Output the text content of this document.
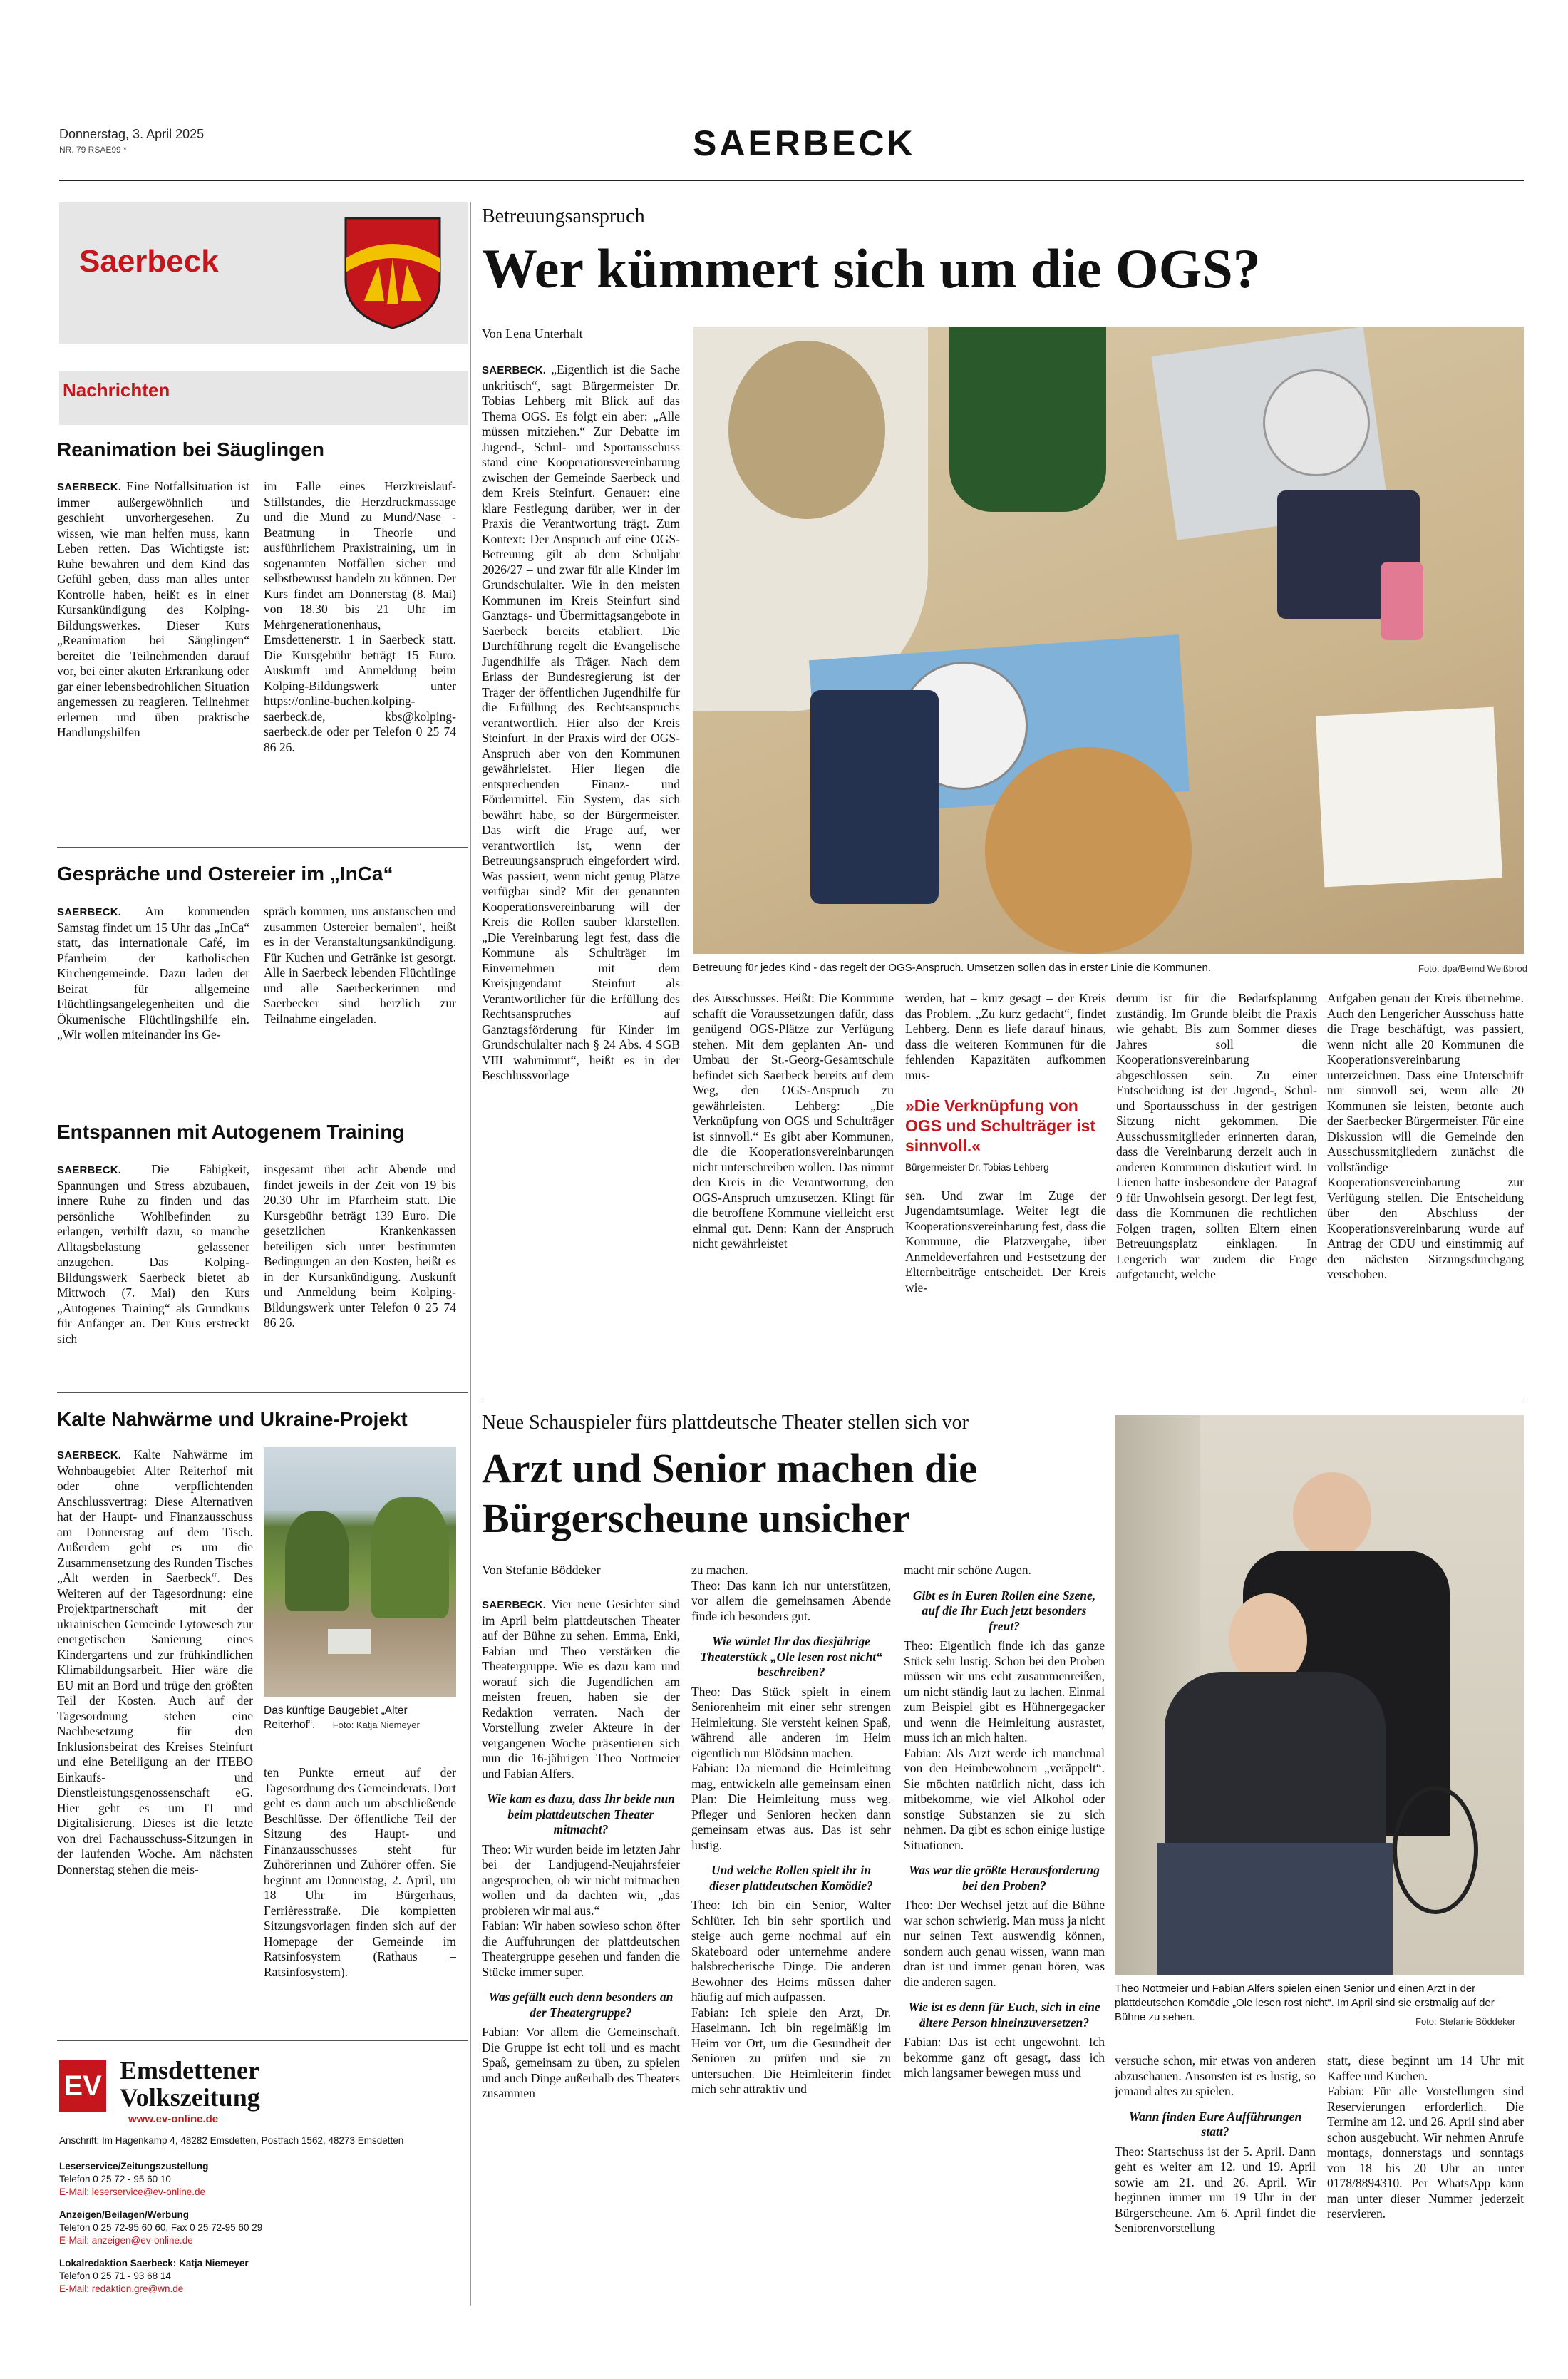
Donnerstag, 3. April 2025
NR. 79 RSAE99 *	SAERBECK
Saerbeck
Nachrichten
Reanimation bei Säuglingen

SAERBECK. Eine Notfallsituation ist immer außergewöhnlich und geschieht unvorhergesehen. Zu wissen, wie man helfen muss, kann Leben retten. Das Wichtigste ist: Ruhe bewahren und dem Kind das Gefühl geben, dass man alles unter Kontrolle haben, heißt es in einer Kursankündigung des Kolping-Bildungswerkes. Dieser Kurs „Reanimation bei Säuglingen“ bereitet die Teilnehmenden darauf vor, bei einer akuten Erkrankung oder gar einer lebensbedrohlichen Situation angemessen zu reagieren. Teilnehmer erlernen und üben praktische Handlungshilfen

im Falle eines Herzkreislauf-Stillstandes, die Herzdruckmassage und die Mund zu Mund/Nase - Beatmung in Theorie und ausführlichem Praxistraining, um in sogenannten Notfällen sicher und selbstbewusst handeln zu können. Der Kurs findet am Donnerstag (8. Mai) von 18.30 bis 21 Uhr im Mehrgenerationenhaus, Emsdettenerstr. 1 in Saerbeck statt. Die Kursgebühr beträgt 15 Euro. Auskunft und Anmeldung beim Kolping-Bildungswerk unter https://online-buchen.kolping-saerbeck.de, kbs@kolping-saerbeck.de oder per Telefon 0 25 74 86 26.

Gespräche und Ostereier im „InCa“

SAERBECK. Am kommenden Samstag findet um 15 Uhr das „InCa“ statt, das internationale Café, im Pfarrheim der katholischen Kirchengemeinde. Dazu laden der Beirat für allgemeine Flüchtlingsangelegenheiten und die Ökumenische Flüchtlingshilfe ein. „Wir wollen miteinander ins Ge-

spräch kommen, uns austauschen und zusammen Ostereier bemalen“, heißt es in der Veranstaltungsankündigung. Für Kuchen und Getränke ist gesorgt. Alle in Saerbeck lebenden Flüchtlinge und alle Saerbeckerinnen und Saerbecker sind herzlich zur Teilnahme eingeladen.

Entspannen mit Autogenem Training

SAERBECK. Die Fähigkeit, Spannungen und Stress abzubauen, innere Ruhe zu finden und das persönliche Wohlbefinden zu erlangen, verhilft dazu, so manche Alltagsbelastung gelassener anzugehen. Das Kolping-Bildungswerk Saerbeck bietet ab Mittwoch (7. Mai) den Kurs „Autogenes Training“ als Grundkurs für Anfänger an. Der Kurs erstreckt sich

insgesamt über acht Abende und findet jeweils in der Zeit von 19 bis 20.30 Uhr im Pfarrheim statt. Die Kursgebühr beträgt 139 Euro. Die gesetzlichen Krankenkassen beteiligen sich unter bestimmten Bedingungen an den Kosten, heißt es in der Kursankündigung. Auskunft und Anmeldung beim Kolping-Bildungswerk unter Telefon 0 25 74 86 26.

Kalte Nahwärme und Ukraine-Projekt

SAERBECK. Kalte Nahwärme im Wohnbaugebiet Alter Reiterhof mit oder ohne verpflichtenden Anschlussvertrag: Diese Alternativen hat der Haupt- und Finanzausschuss am Donnerstag auf dem Tisch. Außerdem geht es um die Zusammensetzung des Runden Tisches „Alt werden in Saerbeck“. Des Weiteren auf der Tagesordnung: eine Projektpartnerschaft mit der ukrainischen Gemeinde Lytowesch zur energetischen Sanierung eines Kindergartens und zur frühkindlichen Klimabildungsarbeit. Hier wäre die EU mit an Bord und trüge den größten Teil der Kosten. Auch auf der Tagesordnung stehen eine Nachbesetzung für den Inklusionsbeirat des Kreises Steinfurt und eine Beteiligung an der ITEBO Einkaufs- und Dienstleistungsgenossenschaft eG. Hier geht es um IT und Digitalisierung. Dieses ist die letzte von drei Fachausschuss-Sitzungen in der laufenden Woche. Am nächsten Donnerstag stehen die meis-

Das künftige Baugebiet „Alter Reiterhof“. Foto: Katja Niemeyer

ten Punkte erneut auf der Tagesordnung des Gemeinderats. Dort geht es dann auch um abschließende Beschlüsse. Der öffentliche Teil der Sitzung des Haupt- und Finanzausschusses steht für Zuhörerinnen und Zuhörer offen. Sie beginnt am Donnerstag, 2. April, um 18 Uhr im Bürgerhaus, Ferrièresstraße. Die kompletten Sitzungsvorlagen finden sich auf der Homepage der Gemeinde im Ratsinfosystem (Rathaus – Ratsinfosystem).

EV Emsdettener
Volkszeitung
www.ev-online.de
Anschrift: Im Hagenkamp 4, 48282 Emsdetten, Postfach 1562, 48273 Emsdetten
Leserservice/Zeitungszustellung
Telefon 0 25 72 - 95 60 10
E-Mail: leserservice@ev-online.de
Anzeigen/Beilagen/Werbung
Telefon 0 25 72-95 60 60, Fax 0 25 72-95 60 29
E-Mail: anzeigen@ev-online.de
Lokalredaktion Saerbeck: Katja Niemeyer
Telefon 0 25 71 - 93 68 14
E-Mail: redaktion.gre@wn.de
Betreuungsanspruch
Wer kümmert sich um die OGS?
Von Lena Unterhalt
Betreuung für jedes Kind - das regelt der OGS-Anspruch. Umsetzen sollen das in erster Linie die Kommunen.	Foto: dpa/Bernd Weißbrod

SAERBECK. „Eigentlich ist die Sache unkritisch“, sagt Bürgermeister Dr. Tobias Lehberg mit Blick auf das Thema OGS. Es folgt ein aber: „Alle müssen mitziehen.“ Zur Debatte im Jugend-, Schul- und Sportausschuss stand eine Kooperationsvereinbarung zwischen der Gemeinde Saerbeck und dem Kreis Steinfurt. Genauer: eine klare Festlegung darüber, wer in der Praxis die Verantwortung trägt. Zum Kontext: Der Anspruch auf eine OGS-Betreuung gilt ab dem Schuljahr 2026/27 – und zwar für alle Kinder im Grundschulalter. Wie in den meisten Kommunen im Kreis Steinfurt sind Ganztags- und Übermittagsangebote in Saerbeck bereits etabliert. Die Durchführung regelt die Evangelische Jugendhilfe als Träger. Nach dem Erlass der Bundesregierung ist der Träger der öffentlichen Jugendhilfe für die Erfüllung des Rechtsanspruchs verantwortlich. Hier also der Kreis Steinfurt. In der Praxis wird der OGS-Anspruch aber von den Kommunen gewährleistet. Hier liegen die entsprechenden Finanz- und Fördermittel. Ein System, das sich bewährt habe, so der Bürgermeister. Das wirft die Frage auf, wer verantwortlich ist, wenn der Betreuungsanspruch eingefordert wird. Was passiert, wenn nicht genug Plätze verfügbar sind? Mit der genannten Kooperationsvereinbarung will der Kreis die Rollen sauber klarstellen. „Die Vereinbarung legt fest, dass die Kommune als Schulträger im Einvernehmen mit dem Kreisjugendamt Steinfurt als Verantwortlicher für die Erfüllung des Rechtsanspruches auf Ganztagsförderung für Kinder im Grundschulalter nach § 24 Abs. 4 SGB VIII wahrnimmt“, heißt es in der Beschlussvorlage

des Ausschusses. Heißt: Die Kommune schafft die Voraussetzungen dafür, dass genügend OGS-Plätze zur Verfügung stehen. Mit dem geplanten An- und Umbau der St.-Georg-Gesamtschule befindet sich Saerbeck bereits auf dem Weg, den OGS-Anspruch zu gewährleisten. Lehberg: „Die Verknüpfung von OGS und Schulträger ist sinnvoll.“ Es gibt aber Kommunen, die die Kooperationsvereinbarungen nicht unterschreiben wollen. Das nimmt den Kreis in die Verantwortung, den OGS-Anspruch umzusetzen. Klingt für die betroffene Kommune vielleicht erst einmal gut. Denn: Kann der Anspruch nicht gewährleistet

werden, hat – kurz gesagt – der Kreis das Problem. „Zu kurz gedacht“, findet Lehberg. Denn es liefe darauf hinaus, dass die weiteren Kommunen für die fehlenden Kapazitäten aufkommen müs-

»Die Verknüpfung von OGS und Schulträger ist sinnvoll.«
Bürgermeister Dr. Tobias Lehberg

sen. Und zwar im Zuge der Jugendamtsumlage. Weiter legt die Kooperationsvereinbarung fest, dass die Kommune, die Platzvergabe, über Anmeldeverfahren und Festsetzung der Elternbeiträge entscheidet. Der Kreis wie-

derum ist für die Bedarfsplanung zuständig. Im Grunde bleibt die Praxis wie gehabt. Bis zum Sommer dieses Jahres soll die Kooperationsvereinbarung abgeschlossen sein. Zu einer Entscheidung ist der Jugend-, Schul- und Sportausschuss in der gestrigen Sitzung nicht gekommen. Die Ausschussmitglieder erinnerten daran, dass die Vereinbarung derzeit auch in anderen Kommunen diskutiert wird. In Lienen hatte insbesondere der Paragraf 9 für Unwohlsein gesorgt. Der legt fest, dass die Kommunen die rechtlichen Folgen tragen, sollten Eltern einen Betreuungsplatz einklagen. In Lengerich war zudem die Frage aufgetaucht, welche

Aufgaben genau der Kreis übernehme. Auch den Lengericher Ausschuss hatte die Frage beschäftigt, was passiert, wenn nicht alle 20 Kommunen die Kooperationsvereinbarung unterzeichnen. Dass eine Unterschrift nur sinnvoll sei, wenn alle 20 Kommunen sie leisten, betonte auch der Saerbecker Bürgermeister. Für eine Diskussion will die Gemeinde den Ausschussmitgliedern zunächst die vollständige Kooperationsvereinbarung zur Verfügung stellen. Die Entscheidung über den Abschluss der Kooperationsvereinbarung wurde auf Antrag der CDU und einstimmig auf den nächsten Sitzungsdurchgang verschoben.

Neue Schauspieler fürs plattdeutsche Theater stellen sich vor
Arzt und Senior machen die
Bürgerscheune unsicher
Von Stefanie Böddeker
Theo Nottmeier und Fabian Alfers spielen einen Senior und einen Arzt in der plattdeutschen Komödie „Ole lesen rost nicht“. Im April sind sie erstmalig auf der Bühne zu sehen.	Foto: Stefanie Böddeker

SAERBECK. Vier neue Gesichter sind im April beim plattdeutschen Theater auf der Bühne zu sehen. Emma, Enki, Fabian und Theo verstärken die Theatergruppe. Wie es dazu kam und worauf sich die Jugendlichen am meisten freuen, haben sie der Redaktion verraten. Nach der Vorstellung zweier Akteure in der vergangenen Woche präsentieren sich nun die 16-jährigen Theo Nottmeier und Fabian Alfers.

Wie kam es dazu, dass Ihr beide nun beim plattdeutschen Theater mitmacht?

Theo: Wir wurden beide im letzten Jahr bei der Landjugend-Neujahrsfeier angesprochen, ob wir nicht mitmachen wollen und da dachten wir, „das probieren wir mal aus.“

Fabian: Wir haben sowieso schon öfter die Aufführungen der plattdeutschen Theatergruppe gesehen und fanden die Stücke immer super.

Was gefällt euch denn besonders an der Theatergruppe?

Fabian: Vor allem die Gemeinschaft. Die Gruppe ist echt toll und es macht Spaß, gemeinsam zu üben, zu spielen und auch Dinge außerhalb des Theaters zusammen

zu machen.

Theo: Das kann ich nur unterstützen, vor allem die gemeinsamen Abende finde ich besonders gut.

Wie würdet Ihr das diesjährige Theaterstück „Ole lesen rost nicht“ beschreiben?

Theo: Das Stück spielt in einem Seniorenheim mit einer sehr strengen Heimleitung. Sie versteht keinen Spaß, während alle anderen im Heim eigentlich nur Blödsinn machen.

Fabian: Da niemand die Heimleitung mag, entwickeln alle gemeinsam einen Plan: Die Heimleitung muss weg. Pfleger und Senioren hecken dann gemeinsam etwas aus. Das ist sehr lustig.

Und welche Rollen spielt ihr in dieser plattdeutschen Komödie?

Theo: Ich bin ein Senior, Walter Schlüter. Ich bin sehr sportlich und steige auch gerne nochmal auf ein Skateboard oder unternehme andere halsbrecherische Dinge. Die anderen Bewohner des Heims müssen daher häufig auf mich aufpassen.

Fabian: Ich spiele den Arzt, Dr. Haselmann. Ich bin regelmäßig im Heim vor Ort, um die Gesundheit der Senioren zu prüfen und sie zu untersuchen. Die Heimleiterin findet mich sehr attraktiv und

macht mir schöne Augen.

Gibt es in Euren Rollen eine Szene, auf die Ihr Euch jetzt besonders freut?

Theo: Eigentlich finde ich das ganze Stück sehr lustig. Schon bei den Proben müssen wir uns echt zusammenreißen, um nicht ständig laut zu lachen. Einmal zum Beispiel gibt es Hühnergegacker und wenn die Heimleitung ausrastet, muss ich an mich halten.

Fabian: Als Arzt werde ich manchmal von den Heimbewohnern „veräppelt“. Sie möchten natürlich nicht, dass ich mitbekomme, wie viel Alkohol oder sonstige Substanzen sie zu sich nehmen. Da gibt es schon einige lustige Situationen.

Was war die größte Herausforderung bei den Proben?

Theo: Der Wechsel jetzt auf die Bühne war schon schwierig. Man muss ja nicht nur seinen Text auswendig können, sondern auch genau wissen, wann man dran ist und immer genau hören, was die anderen sagen.

Wie ist es denn für Euch, sich in eine ältere Person hineinzuversetzen?

Fabian: Das ist echt ungewohnt. Ich bekomme ganz oft gesagt, dass ich mich langsamer bewegen muss und

versuche schon, mir etwas von anderen abzuschauen. Ansonsten ist es lustig, so jemand altes zu spielen.

Wann finden Eure Aufführungen statt?

Theo: Startschuss ist der 5. April. Dann geht es weiter am 12. und 19. April sowie am 21. und 26. April. Wir beginnen immer um 19 Uhr in der Bürgerscheune. Am 6. April findet die Seniorenvorstellung

statt, diese beginnt um 14 Uhr mit Kaffee und Kuchen.

Fabian: Für alle Vorstellungen sind Reservierungen erforderlich. Die Termine am 12. und 26. April sind aber schon ausgebucht. Wir nehmen Anrufe montags, donnerstags und sonntags von 18 bis 20 Uhr an unter 0178/8894310. Per WhatsApp kann man unter dieser Nummer jederzeit reservieren.
